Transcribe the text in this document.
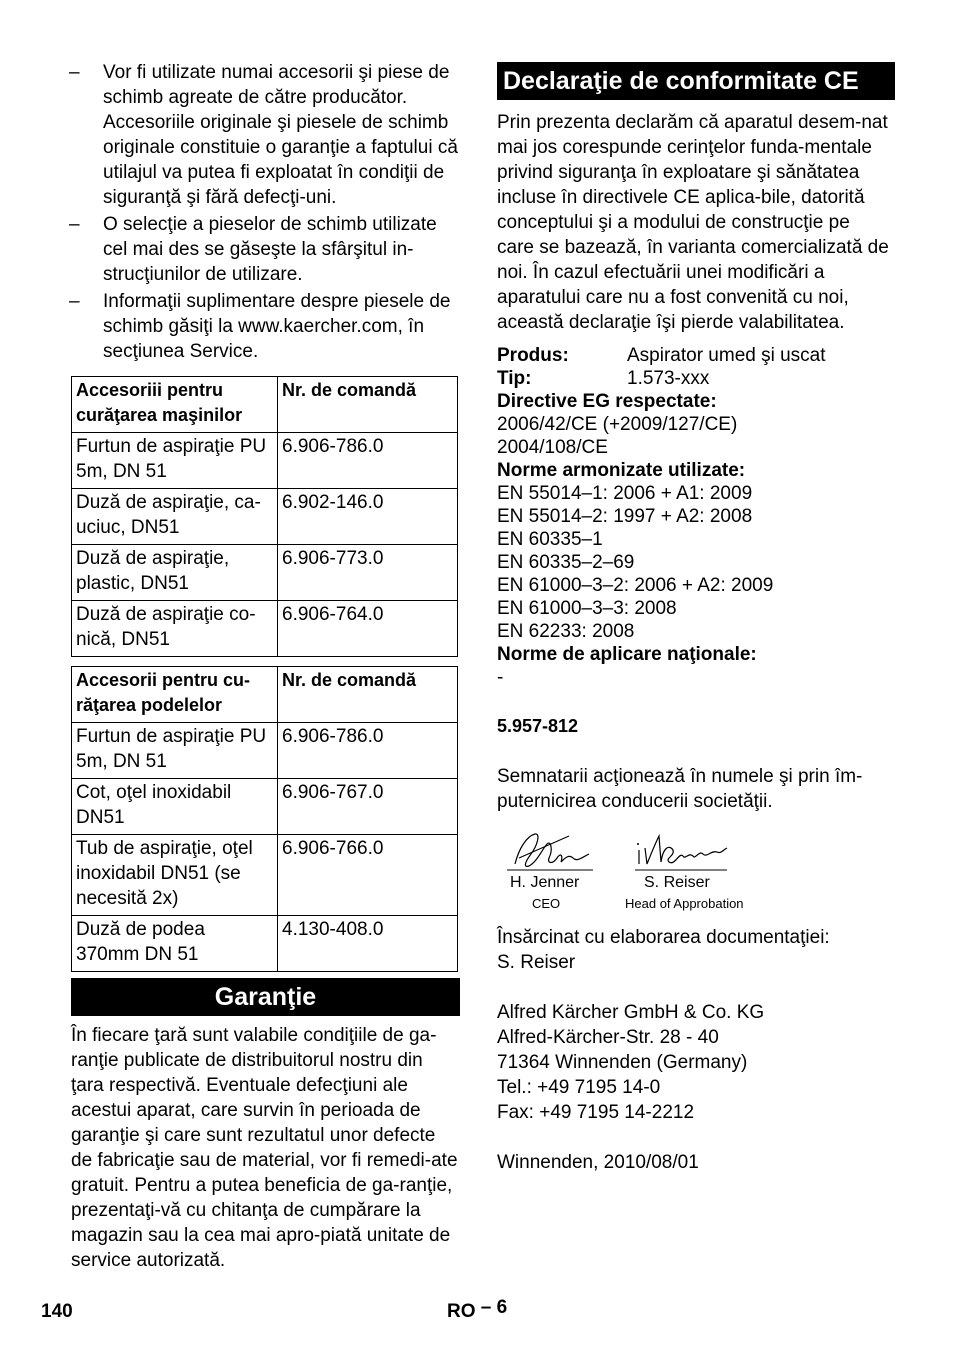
– Vor fi utilizate numai accesorii şi piese de schimb agreate de către producător. Accesoriile originale şi piesele de schimb originale constituie o garanţie a faptului că utilajul va putea fi exploatat în condiţii de siguranţă şi fără defecţi-uni.
– O selecţie a pieselor de schimb utilizate cel mai des se găseşte la sfârşitul in-strucţiunilor de utilizare.
– Informaţii suplimentare despre piesele de schimb găsiţi la www.kaercher.com, în secţiunea Service.
Accesoriii pentru curăţarea maşinilor	Nr. de comandă
Furtun de aspiraţie PU 5m, DN 51	6.906-786.0
Duză de aspiraţie, ca-uciuc, DN51	6.902-146.0
Duză de aspiraţie, plastic, DN51	6.906-773.0
Duză de aspiraţie co-nică, DN51	6.906-764.0
Accesorii pentru cu-răţarea podelelor	Nr. de comandă
Furtun de aspiraţie PU 5m, DN 51	6.906-786.0
Cot, oţel inoxidabil DN51	6.906-767.0
Tub de aspiraţie, oţel inoxidabil DN51 (se necesită 2x)	6.906-766.0
Duză de podea 370mm DN 51	4.130-408.0
Garanţie

În fiecare ţară sunt valabile condiţiile de ga-ranţie publicate de distribuitorul nostru din ţara respectivă. Eventuale defecţiuni ale acestui aparat, care survin în perioada de garanţie şi care sunt rezultatul unor defecte de fabricaţie sau de material, vor fi remedi-ate gratuit. Pentru a putea beneficia de ga-ranţie, prezentaţi-vă cu chitanţa de cumpărare la magazin sau la cea mai apro-piată unitate de service autorizată.

Declaraţie de conformitate CE

Prin prezenta declarăm că aparatul desem-nat mai jos corespunde cerinţelor funda-mentale privind siguranţa în exploatare şi sănătatea incluse în directivele CE aplica-bile, datorită conceptului şi a modului de construcţie pe care se bazează, în varianta comercializată de noi. În cazul efectuării unei modificări a aparatului care nu a fost convenită cu noi, această declaraţie îşi pierde valabilitatea.

Produs:	Aspirator umed şi uscat
Tip:	1.573-xxx
Directive EG respectate:
2006/42/CE (+2009/127/CE)
2004/108/CE
Norme armonizate utilizate:
EN 55014–1: 2006 + A1: 2009
EN 55014–2: 1997 + A2: 2008
EN 60335–1
EN 60335–2–69
EN 61000–3–2: 2006 + A2: 2009
EN 61000–3–3: 2008
EN 62233: 2008
Norme de aplicare naţionale:
-
5.957-812

Semnatarii acţionează în numele şi prin îm-puternicirea conducerii societăţii.

H. Jenner
CEO
S. Reiser
Head of Approbation
Însărcinat cu elaborarea documentaţiei:
S. Reiser
Alfred Kärcher GmbH & Co. KG
Alfred-Kärcher-Str. 28 - 40
71364 Winnenden (Germany)
Tel.: +49 7195 14-0
Fax: +49 7195 14-2212
Winnenden, 2010/08/01
140	RO – 6
